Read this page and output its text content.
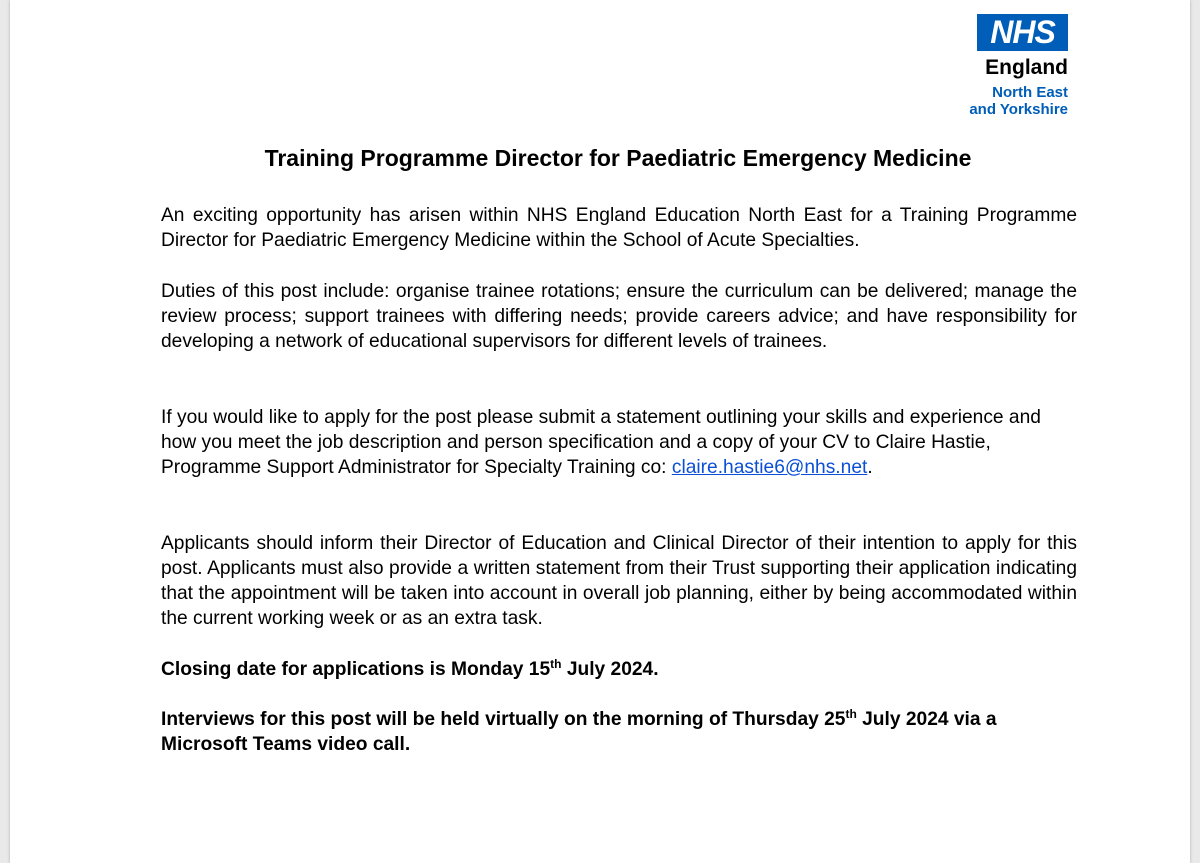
NHS
England
North East
and Yorkshire
Training Programme Director for Paediatric Emergency Medicine
An exciting opportunity has arisen within NHS England Education North East for a Training Programme Director for Paediatric Emergency Medicine within the School of Acute Specialties.
Duties of this post include: organise trainee rotations; ensure the curriculum can be delivered; manage the review process; support trainees with differing needs; provide careers advice; and have responsibility for developing a network of educational supervisors for different levels of trainees.
If you would like to apply for the post please submit a statement outlining your skills and experience and how you meet the job description and person specification and a copy of your CV to Claire Hastie, Programme Support Administrator for Specialty Training co: claire.hastie6@nhs.net.
Applicants should inform their Director of Education and Clinical Director of their intention to apply for this post. Applicants must also provide a written statement from their Trust supporting their application indicating that the appointment will be taken into account in overall job planning, either by being accommodated within the current working week or as an extra task.
Closing date for applications is Monday 15th July 2024.
Interviews for this post will be held virtually on the morning of Thursday 25th July 2024 via a Microsoft Teams video call.
